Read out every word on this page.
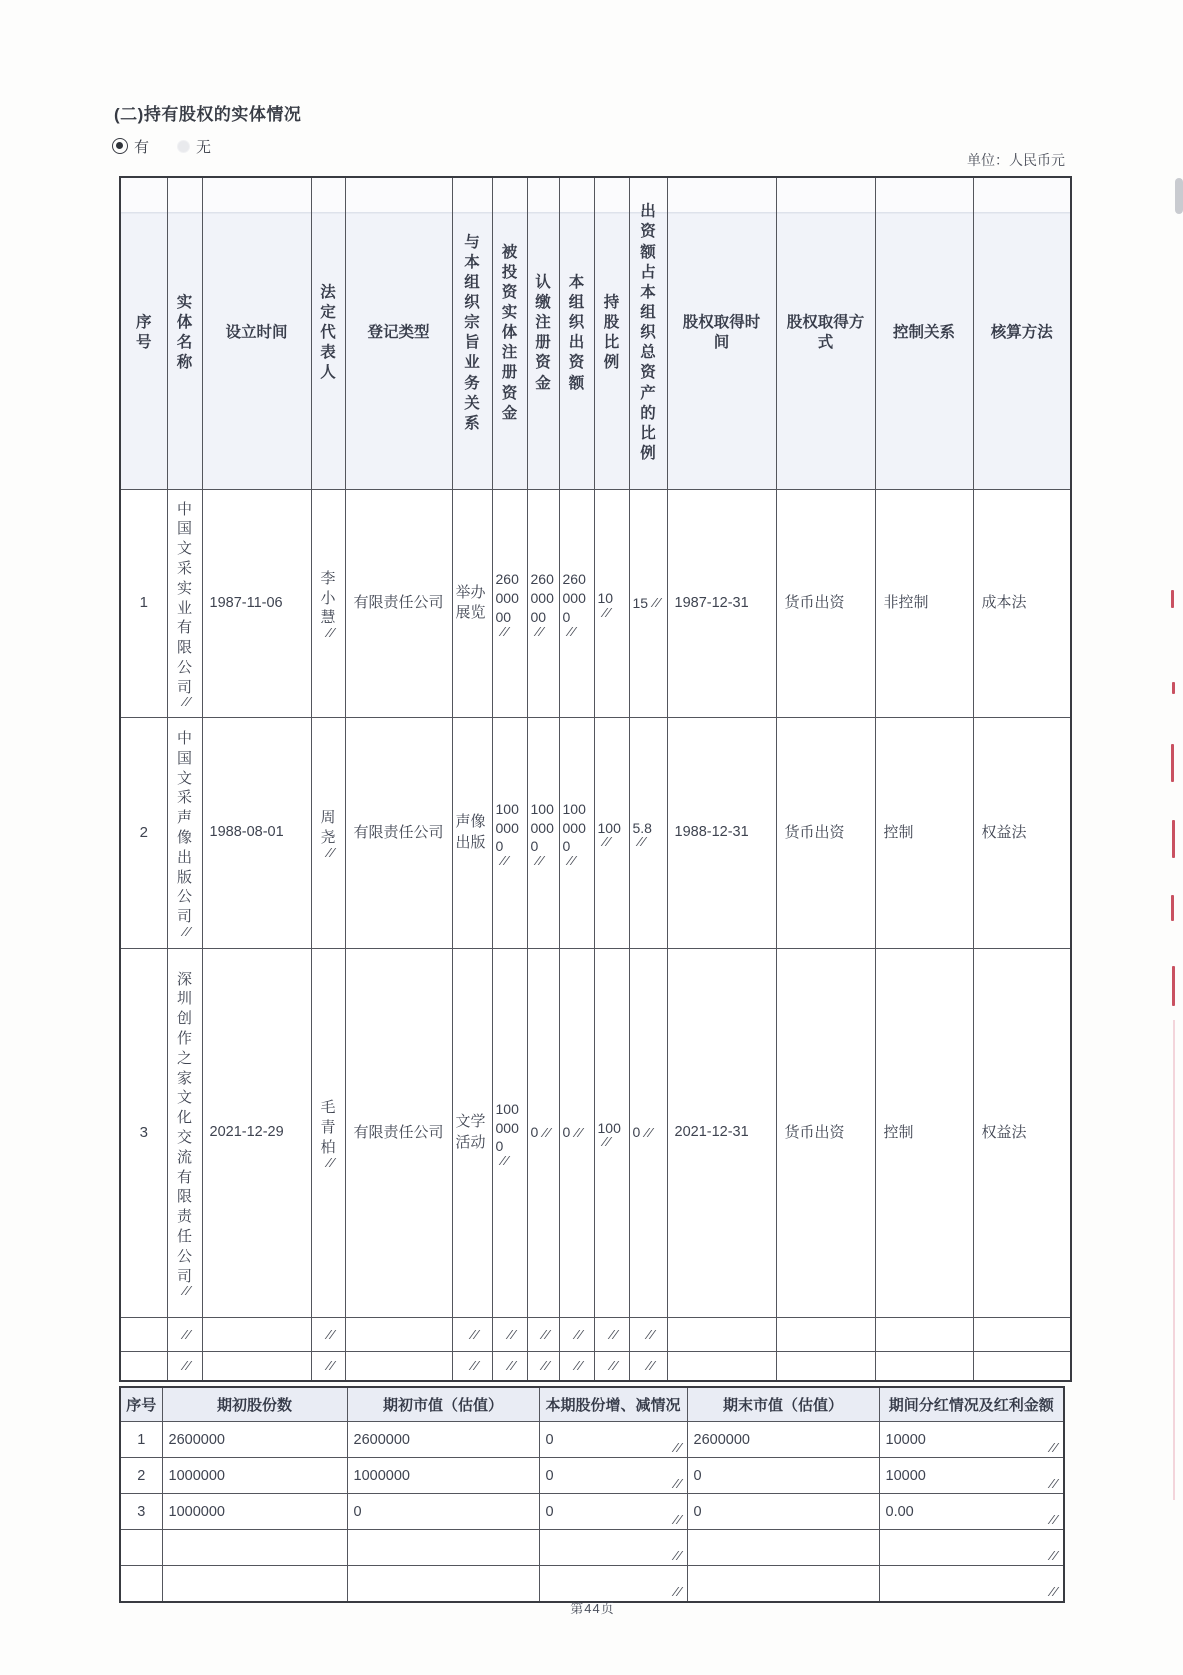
(二)持有股权的实体情况
有	无
单位：人民币元
序号	实体名称	设立时间	法定代表人	登记类型	与本组织宗旨业务关系	被投资实体注册资金	认缴注册资金	本组织出资额	持股比例	出资额占本组织总资产的比例	股权取得时间	股权取得方式	控制关系	核算方法

1	中国文采实业有限公司	1987-11-06	李小慧	有限责任公司	举办展览	26000000	26000000	2600000	10	15	1987-12-31	货币出资	非控制	成本法

2	中国文采声像出版公司	1988-08-01	周尧	有限责任公司	声像出版	1000000	1000000	1000000	100	5.8	1988-12-31	货币出资	控制	权益法

3	深圳创作之家文化交流有限责任公司	2021-12-29	毛青柏	有限责任公司	文学活动	1000000	0	0	100	0	2021-12-31	货币出资	控制	权益法

序号	期初股份数	期初市值（估值）	本期股份增、减情况	期末市值（估值）	期间分红情况及红利金额
1	2600000	2600000	0	2600000	10000

2	1000000	1000000	0	0	10000

3	1000000	0	0	0	0.00

第44页
